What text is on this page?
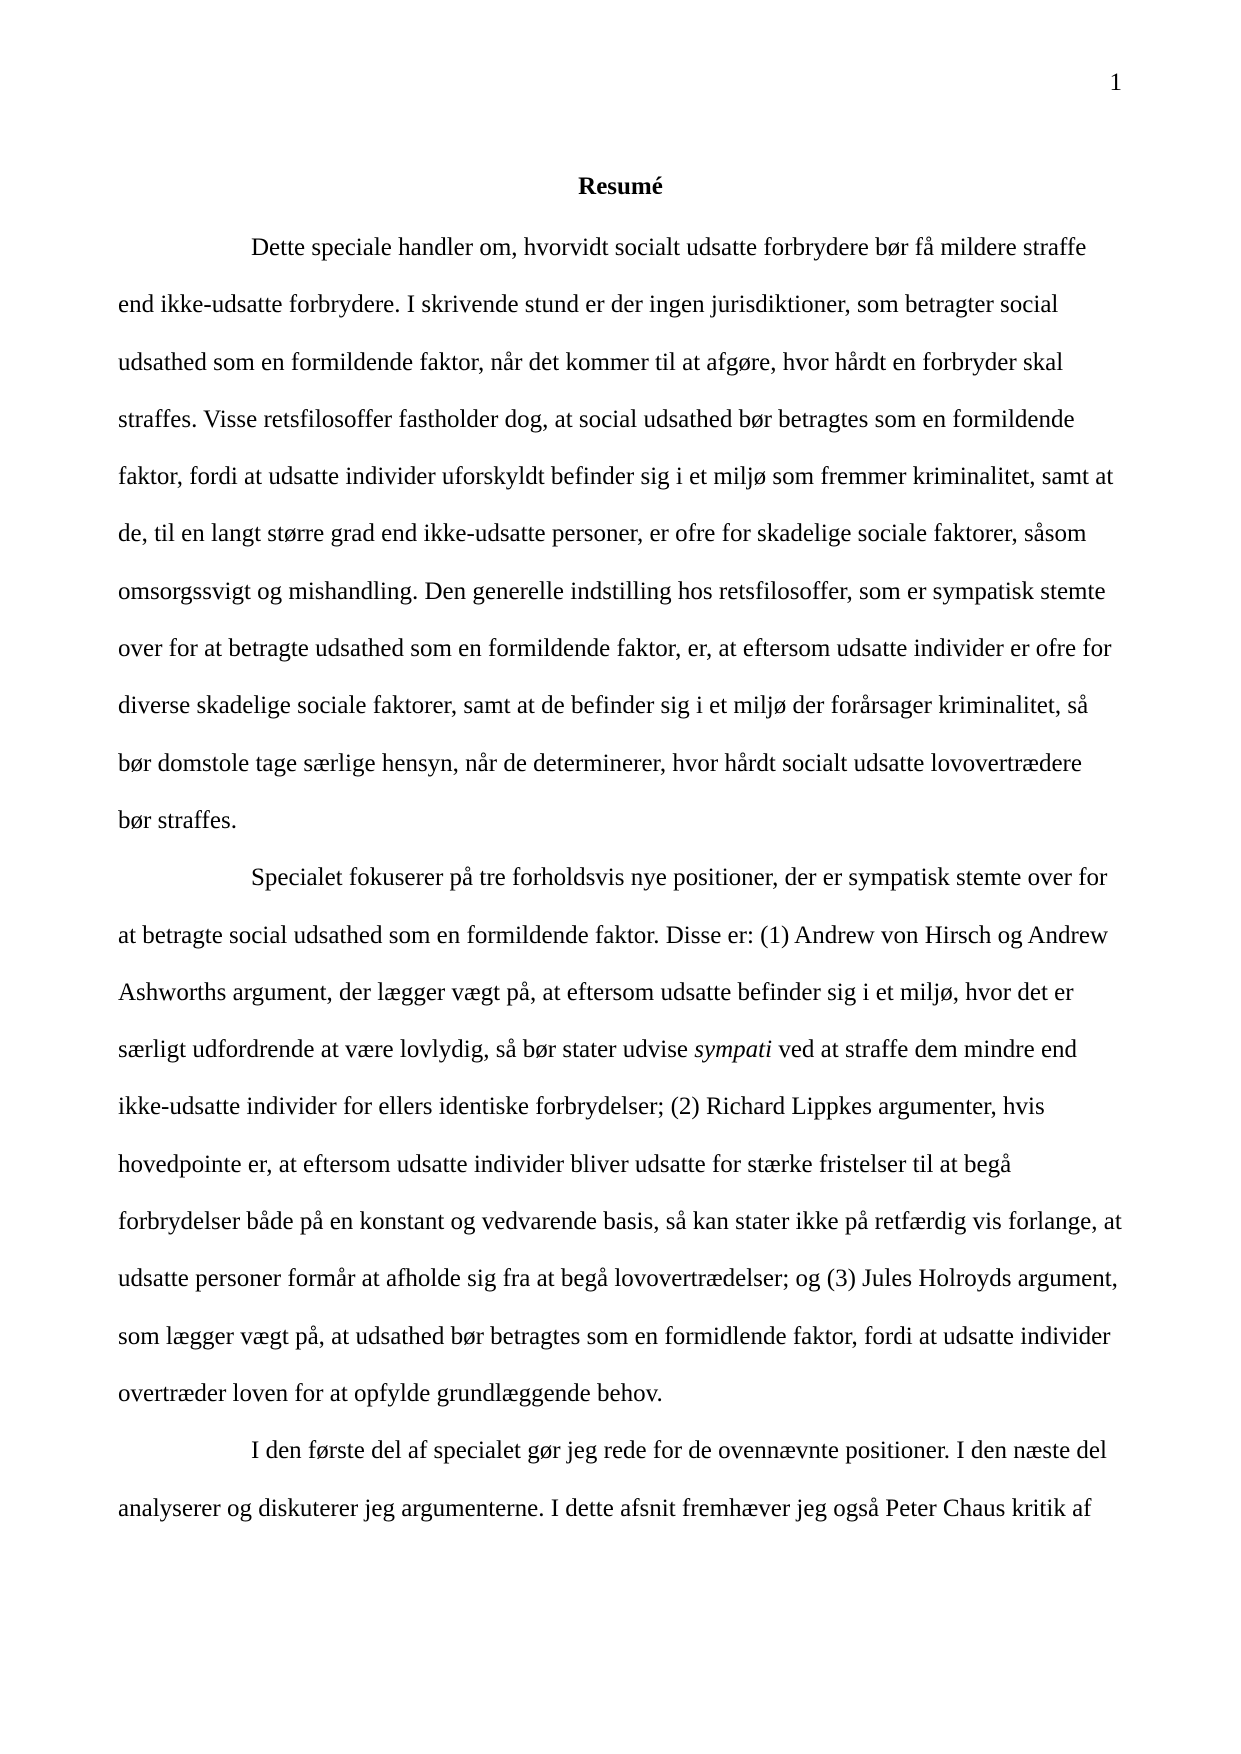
1
Resumé

Dette speciale handler om, hvorvidt socialt udsatte forbrydere bør få mildere straffe
end ikke-udsatte forbrydere. I skrivende stund er der ingen jurisdiktioner, som betragter social
udsathed som en formildende faktor, når det kommer til at afgøre, hvor hårdt en forbryder skal
straffes. Visse retsfilosoffer fastholder dog, at social udsathed bør betragtes som en formildende
faktor, fordi at udsatte individer uforskyldt befinder sig i et miljø som fremmer kriminalitet, samt at
de, til en langt større grad end ikke-udsatte personer, er ofre for skadelige sociale faktorer, såsom
omsorgssvigt og mishandling. Den generelle indstilling hos retsfilosoffer, som er sympatisk stemte
over for at betragte udsathed som en formildende faktor, er, at eftersom udsatte individer er ofre for
diverse skadelige sociale faktorer, samt at de befinder sig i et miljø der forårsager kriminalitet, så
bør domstole tage særlige hensyn, når de determinerer, hvor hårdt socialt udsatte lovovertrædere
bør straffes.

Specialet fokuserer på tre forholdsvis nye positioner, der er sympatisk stemte over for
at betragte social udsathed som en formildende faktor. Disse er: (1) Andrew von Hirsch og Andrew
Ashworths argument, der lægger vægt på, at eftersom udsatte befinder sig i et miljø, hvor det er
særligt udfordrende at være lovlydig, så bør stater udvise sympati ved at straffe dem mindre end
ikke-udsatte individer for ellers identiske forbrydelser; (2) Richard Lippkes argumenter, hvis
hovedpointe er, at eftersom udsatte individer bliver udsatte for stærke fristelser til at begå
forbrydelser både på en konstant og vedvarende basis, så kan stater ikke på retfærdig vis forlange, at
udsatte personer formår at afholde sig fra at begå lovovertrædelser; og (3) Jules Holroyds argument,
som lægger vægt på, at udsathed bør betragtes som en formidlende faktor, fordi at udsatte individer
overtræder loven for at opfylde grundlæggende behov.

I den første del af specialet gør jeg rede for de ovennævnte positioner. I den næste del
analyserer og diskuterer jeg argumenterne. I dette afsnit fremhæver jeg også Peter Chaus kritik af
